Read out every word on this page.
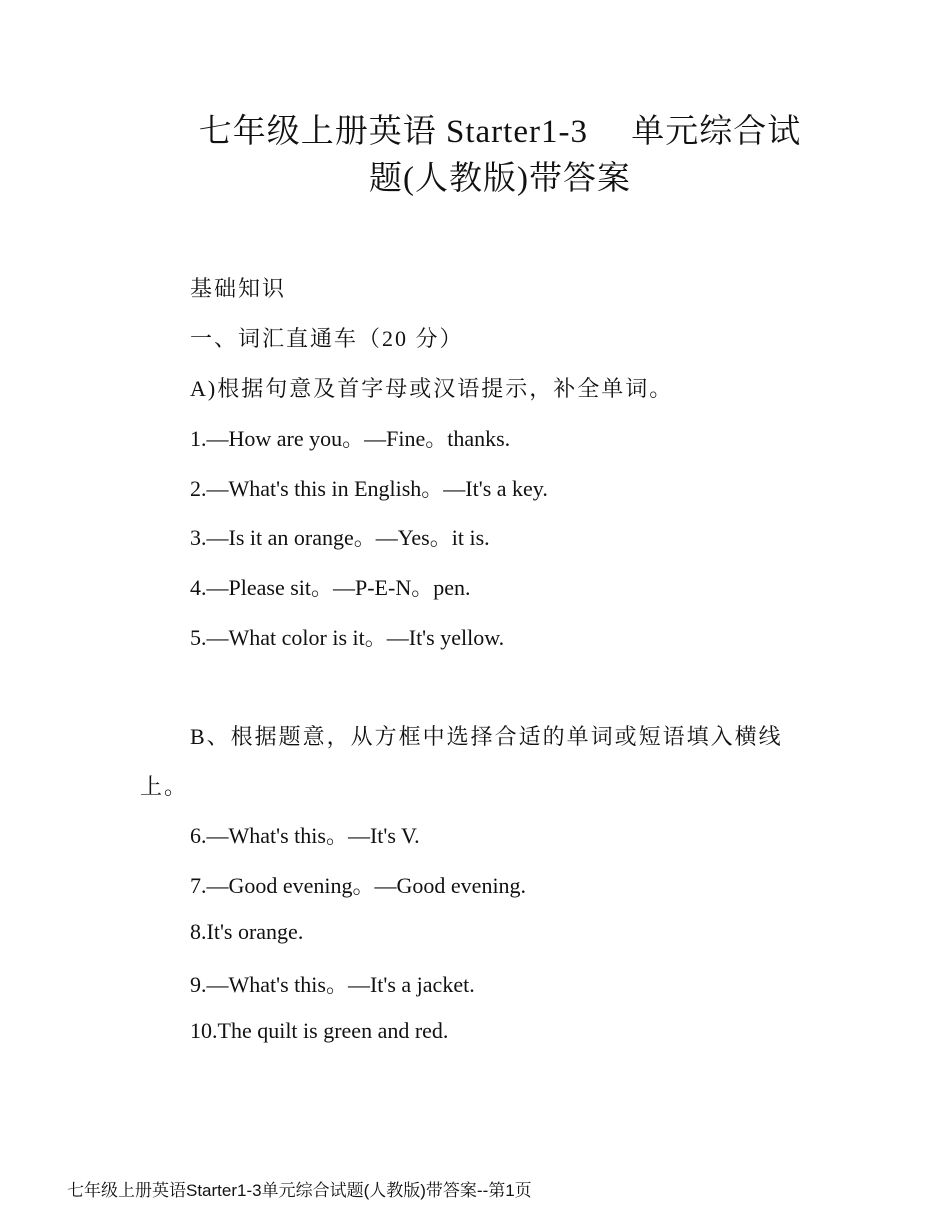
七年级上册英语 Starter1-3　 单元综合试
题(人教版)带答案
基础知识
一、词汇直通车（20 分）
A)根据句意及首字母或汉语提示，补全单词。
1.—How are you。—Fine。thanks.
2.—What's this in English。—It's a key.
3.—Is it an orange。—Yes。it is.
4.—Please sit。—P-E-N。pen.
5.—What color is it。—It's yellow.
B、根据题意，从方框中选择合适的单词或短语填入横线
上。
6.—What's this。—It's V.
7.—Good evening。—Good evening.
8.It's orange.
9.—What's this。—It's a jacket.
10.The quilt is green and red.
七年级上册英语Starter1-3单元综合试题(人教版)带答案--第1页
